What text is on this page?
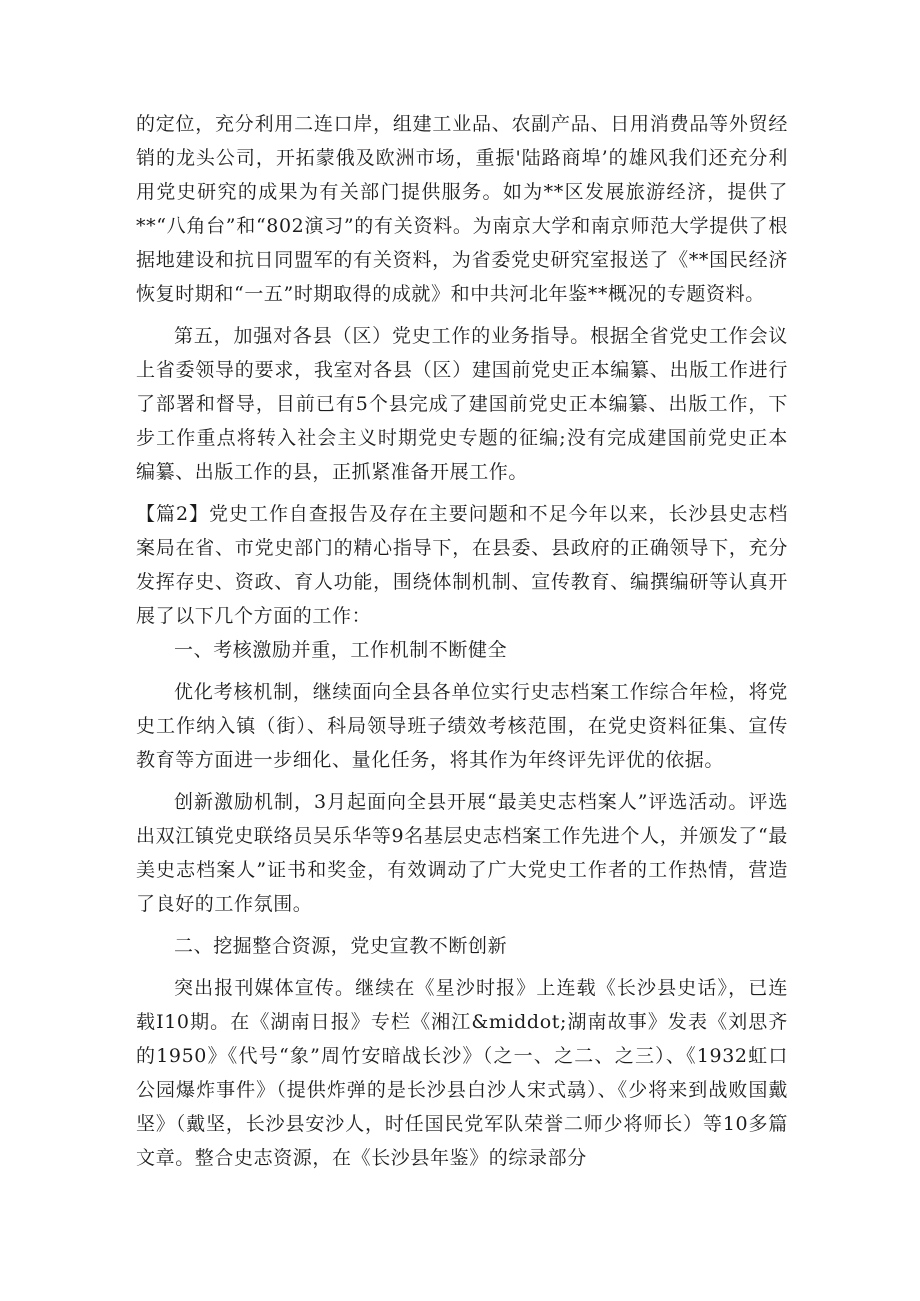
的定位，充分利用二连口岸，组建工业品、农副产品、日用消费品等外贸经销的龙头公司，开拓蒙俄及欧洲市场，重振'陆路商埠’的雄风我们还充分利用党史研究的成果为有关部门提供服务。如为**区发展旅游经济，提供了**“八角台”和“802演习”的有关资料。为南京大学和南京师范大学提供了根据地建设和抗日同盟军的有关资料，为省委党史研究室报送了《**国民经济恢复时期和“一五”时期取得的成就》和中共河北年鉴**概况的专题资料。

第五，加强对各县（区）党史工作的业务指导。根据全省党史工作会议上省委领导的要求，我室对各县（区）建国前党史正本编纂、出版工作进行了部署和督导，目前已有5个县完成了建国前党史正本编纂、出版工作，下步工作重点将转入社会主义时期党史专题的征编;没有完成建国前党史正本编纂、出版工作的县，正抓紧准备开展工作。

【篇2】党史工作自查报告及存在主要问题和不足今年以来，长沙县史志档案局在省、市党史部门的精心指导下，在县委、县政府的正确领导下，充分发挥存史、资政、育人功能，围绕体制机制、宣传教育、编撰编研等认真开展了以下几个方面的工作：

一、考核激励并重，工作机制不断健全

优化考核机制，继续面向全县各单位实行史志档案工作综合年检，将党史工作纳入镇（街）、科局领导班子绩效考核范围，在党史资料征集、宣传教育等方面进一步细化、量化任务，将其作为年终评先评优的依据。

创新激励机制，3月起面向全县开展“最美史志档案人”评选活动。评选出双江镇党史联络员吴乐华等9名基层史志档案工作先进个人，并颁发了“最美史志档案人”证书和奖金，有效调动了广大党史工作者的工作热情，营造了良好的工作氛围。

二、挖掘整合资源，党史宣教不断创新

突出报刊媒体宣传。继续在《星沙时报》上连载《长沙县史话》，已连载I10期。在《湖南日报》专栏《湘江&middot;湖南故事》发表《刘思齐的1950》《代号“象”周竹安暗战长沙》（之一、之二、之三）、《1932虹口公园爆炸事件》（提供炸弹的是长沙县白沙人宋式骉）、《少将来到战败国戴坚》（戴坚，长沙县安沙人，时任国民党军队荣誉二师少将师长）等10多篇文章。整合史志资源，在《长沙县年鉴》的综录部分
